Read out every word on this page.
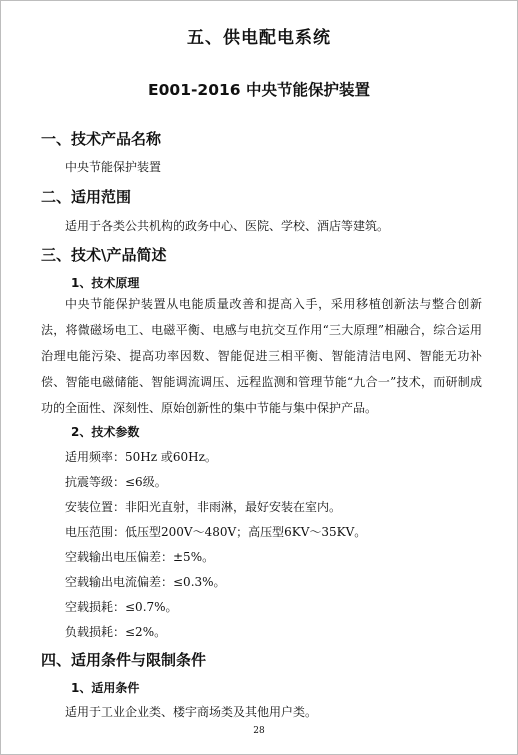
五、供电配电系统
E001-2016 中央节能保护装置
一、技术产品名称
中央节能保护装置
二、适用范围
适用于各类公共机构的政务中心、医院、学校、酒店等建筑。
三、技术\产品简述
1、技术原理
中央节能保护装置从电能质量改善和提高入手，采用移植创新法与整合创新法，将微磁场电工、电磁平衡、电感与电抗交互作用“三大原理”相融合，综合运用治理电能污染、提高功率因数、智能促进三相平衡、智能清洁电网、智能无功补偿、智能电磁储能、智能调流调压、远程监测和管理节能“九合一”技术，而研制成功的全面性、深刻性、原始创新性的集中节能与集中保护产品。
2、技术参数
适用频率：50Hz 或60Hz。
抗震等级：≤6级。
安装位置：非阳光直射，非雨淋，最好安装在室内。
电压范围：低压型200V～480V；高压型6KV～35KV。
空载输出电压偏差：±5%。
空载输出电流偏差：≤0.3%。
空载损耗：≤0.7%。
负载损耗：≤2%。
四、适用条件与限制条件
1、适用条件
适用于工业企业类、楼宇商场类及其他用户类。
28
